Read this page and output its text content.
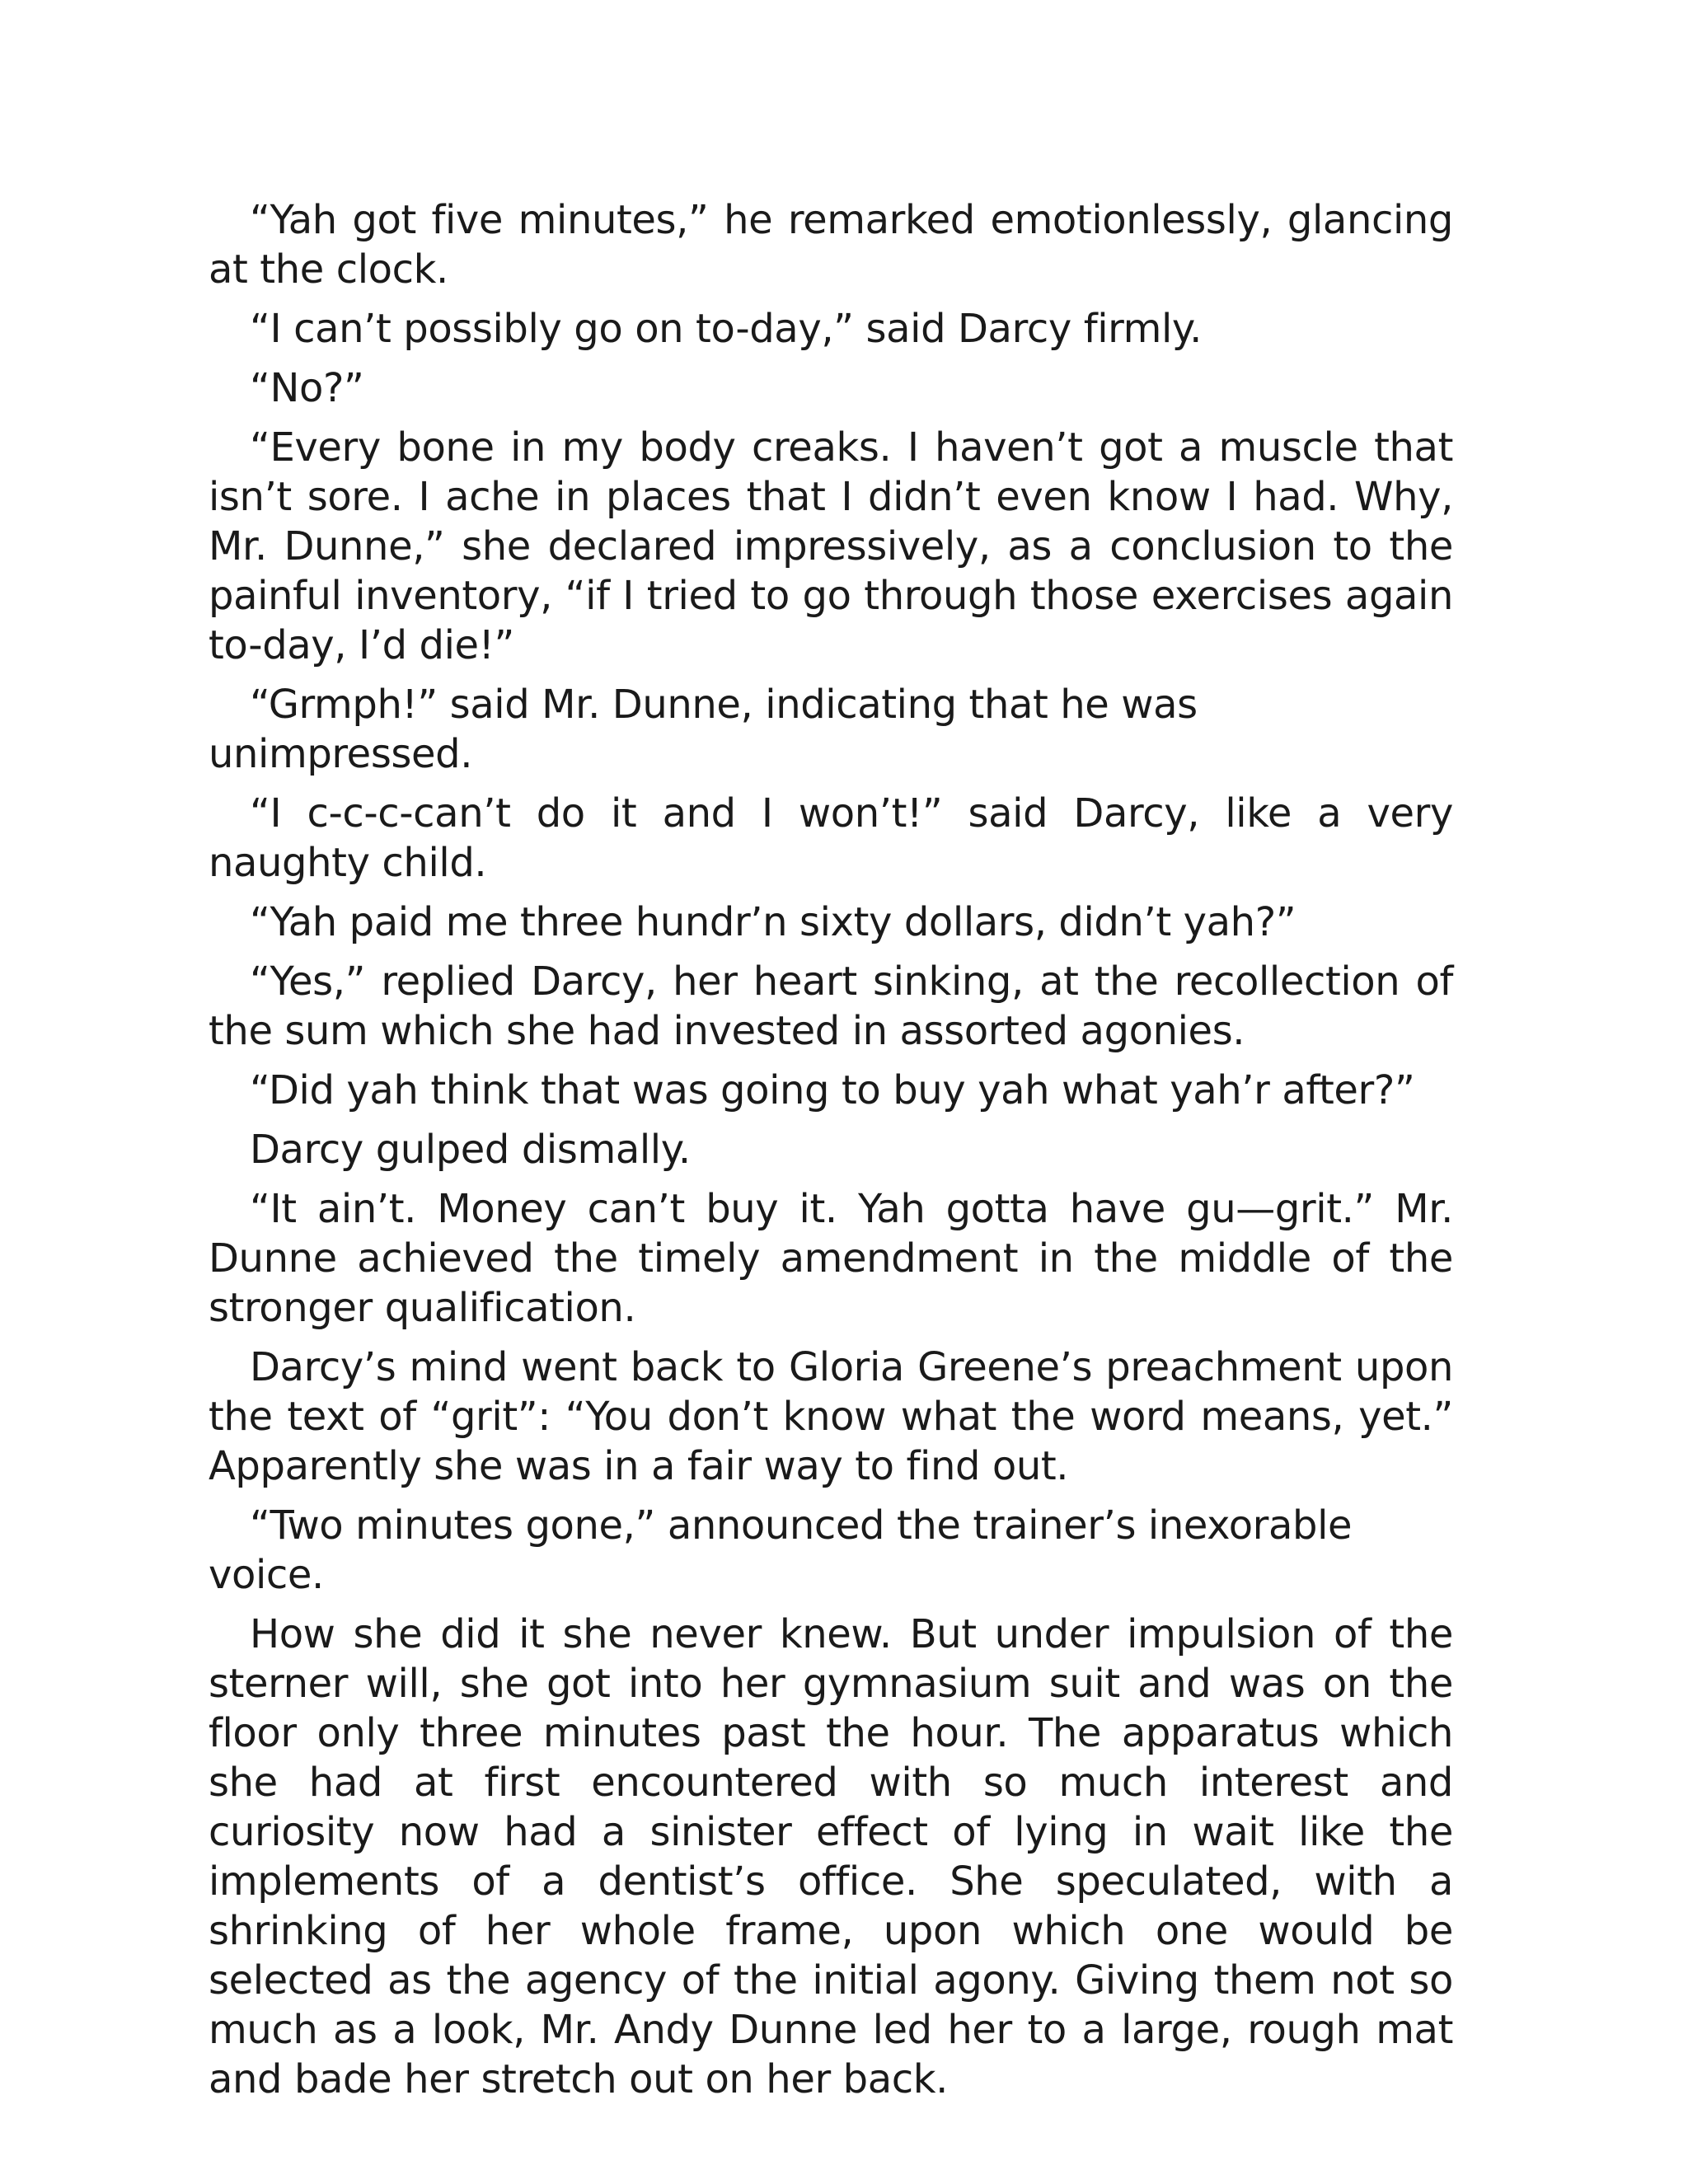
“Yah got five minutes,” he remarked emotionlessly, glancing at the clock.

“I can’t possibly go on to-day,” said Darcy firmly.

“No?”

“Every bone in my body creaks. I haven’t got a muscle that isn’t sore. I ache in places that I didn’t even know I had. Why, Mr. Dunne,” she declared impressively, as a conclusion to the painful inventory, “if I tried to go through those exercises again to-day, I’d die!”

“Grmph!” said Mr. Dunne, indicating that he was unimpressed.

“I c-c-c-can’t do it and I won’t!” said Darcy, like a very naughty child.

“Yah paid me three hundr’n sixty dollars, didn’t yah?”

“Yes,” replied Darcy, her heart sinking, at the recollection of the sum which she had invested in assorted agonies.

“Did yah think that was going to buy yah what yah’r after?”

Darcy gulped dismally.

“It ain’t. Money can’t buy it. Yah gotta have gu—grit.” Mr. Dunne achieved the timely amendment in the middle of the stronger qualification.

Darcy’s mind went back to Gloria Greene’s preachment upon the text of “grit”: “You don’t know what the word means, yet.” Apparently she was in a fair way to find out.

“Two minutes gone,” announced the trainer’s inexorable voice.

How she did it she never knew. But under impulsion of the sterner will, she got into her gymnasium suit and was on the floor only three minutes past the hour. The apparatus which she had at first encountered with so much interest and curiosity now had a sinister effect of lying in wait like the implements of a dentist’s office. She speculated, with a shrinking of her whole frame, upon which one would be selected as the agency of the initial agony. Giving them not so much as a look, Mr. Andy Dunne led her to a large, rough mat and bade her stretch out on her back.
